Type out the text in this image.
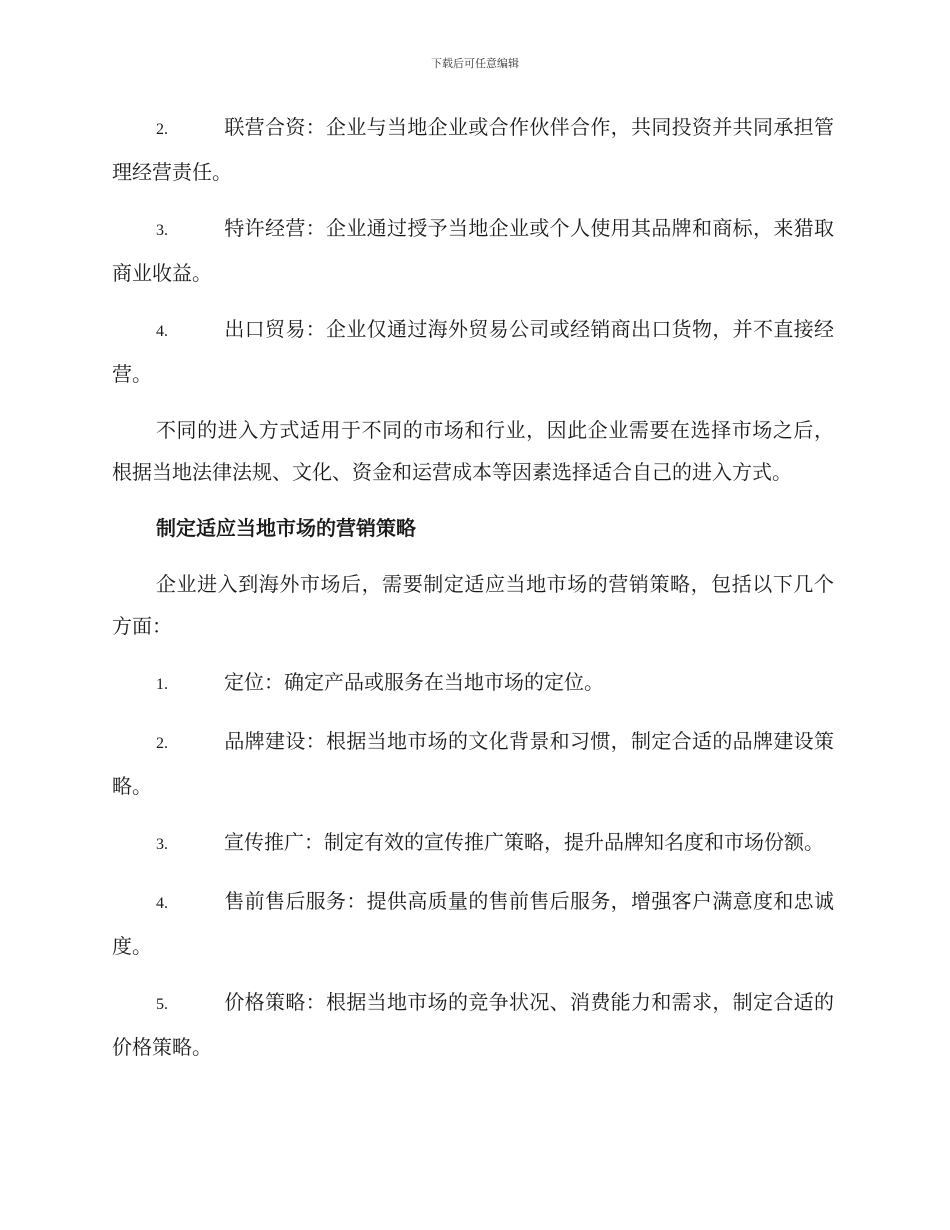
下载后可任意编辑

2.	联营合资：企业与当地企业或合作伙伴合作，共同投资并共同承担管理经营责任。

3.	特许经营：企业通过授予当地企业或个人使用其品牌和商标，来猎取商业收益。

4.	出口贸易：企业仅通过海外贸易公司或经销商出口货物，并不直接经营。

不同的进入方式适用于不同的市场和行业，因此企业需要在选择市场之后，根据当地法律法规、文化、资金和运营成本等因素选择适合自己的进入方式。

制定适应当地市场的营销策略

企业进入到海外市场后，需要制定适应当地市场的营销策略，包括以下几个方面：

1.	定位：确定产品或服务在当地市场的定位。

2.	品牌建设：根据当地市场的文化背景和习惯，制定合适的品牌建设策略。

3.	宣传推广：制定有效的宣传推广策略，提升品牌知名度和市场份额。

4.	售前售后服务：提供高质量的售前售后服务，增强客户满意度和忠诚度。

5.	价格策略：根据当地市场的竞争状况、消费能力和需求，制定合适的价格策略。
